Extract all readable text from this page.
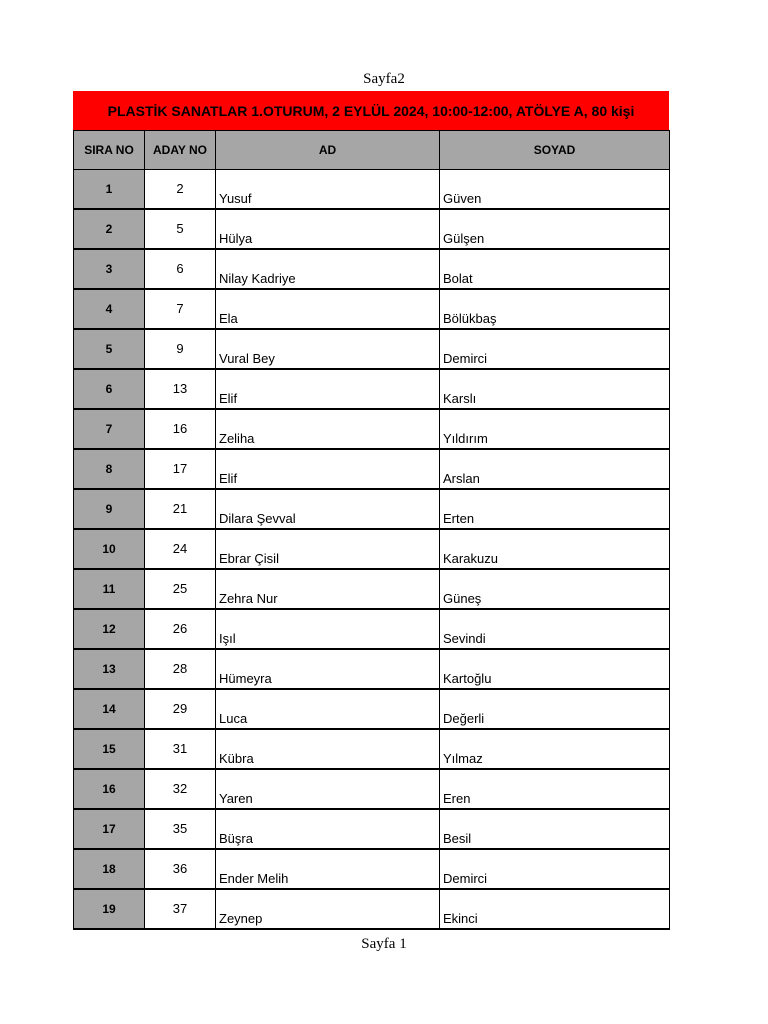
Sayfa2
PLASTİK SANATLAR 1.OTURUM, 2 EYLÜL 2024, 10:00-12:00, ATÖLYE A, 80 kişi
SIRA NO	ADAY NO	AD	SOYAD
1	2	Yusuf	Güven
2	5	Hülya	Gülşen
3	6	Nilay Kadriye	Bolat
4	7	Ela	Bölükbaş
5	9	Vural Bey	Demirci
6	13	Elif	Karslı
7	16	Zeliha	Yıldırım
8	17	Elif	Arslan
9	21	Dilara Şevval	Erten
10	24	Ebrar Çisil	Karakuzu
11	25	Zehra Nur	Güneş
12	26	Işıl	Sevindi
13	28	Hümeyra	Kartoğlu
14	29	Luca	Değerli
15	31	Kübra	Yılmaz
16	32	Yaren	Eren
17	35	Büşra	Besil
18	36	Ender Melih	Demirci
19	37	Zeynep	Ekinci
Sayfa 1
